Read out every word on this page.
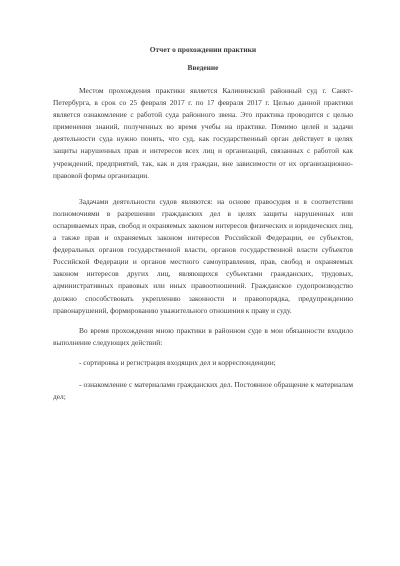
Отчет о прохождении практики

Введение

Местом прохождения практики является Калининский районный суд г. Санкт-Петербурга, в срок со 25 февраля 2017 г. по 17 февраля 2017 г. Целью данной практики является ознакомление с работой суда районного звена. Это практика проводится с целью применения знаний, полученных во время учебы на практике. Помимо целей и задачи деятельности суда нужно понять, что суд, как государственный орган действует в целях защиты нарушенных прав и интересов всех лиц и организаций, связанных с работой как учреждений, предприятий, так, как и для граждан, вне зависимости от их организационно-правовой формы организации.

Задачами деятельности судов являются: на основе правосудия и в соответствии полномочиями в разрешении гражданских дел в целях защиты нарушенных или оспариваемых прав, свобод и охраняемых законом интересов физических и юридических лиц, а также прав и охраняемых законом интересов Российской Федерации, ее субъектов, федеральных органов государственной власти, органов государственной власти субъектов Российской Федерации и органов местного самоуправления, прав, свобод и охраняемых законом интересов других лиц, являющихся субъектами гражданских, трудовых, административных правовых или иных правоотношений. Гражданское судопроизводство должно способствовать укреплению законности и правопорядка, предупреждению правонарушений, формированию уважительного отношения к праву и суду.

Во время прохождения мною практики в районном суде в мои обязанности входило выполнение следующих действий:

- сортировка и регистрация входящих дел и корреспонденции;

- ознакомление с материалами гражданских дел. Постоянное обращение к материалам дел;
